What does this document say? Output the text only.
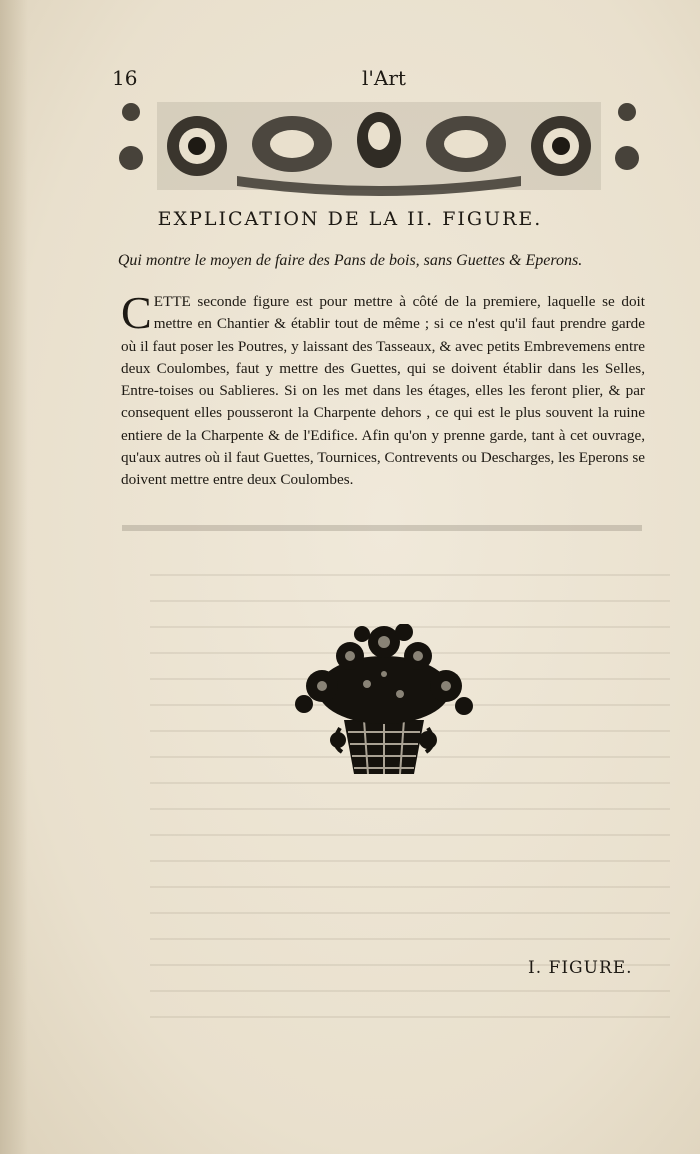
16	l'Art
EXPLICATION DE LA II. FIGURE.
Qui montre le moyen de faire des Pans de bois, sans Guettes & Eperons.
C ETTE seconde figure est pour mettre à côté de la premiere, laquelle se doit mettre en Chantier & établir tout de même ; si ce n'est qu'il faut prendre garde où il faut poser les Poutres, y laissant des Tasseaux, & avec petits Embrevemens entre deux Coulombes, faut y mettre des Guettes, qui se doivent établir dans les Selles, Entre-toises ou Sablieres. Si on les met dans les étages, elles les feront plier, & par consequent elles pousseront la Charpente dehors , ce qui est le plus souvent la ruine entiere de la Charpente & de l'Edifice. Afin qu'on y prenne garde, tant à cet ouvrage, qu'aux autres où il faut Guettes, Tournices, Contrevents ou Descharges, les Eperons se doivent mettre entre deux Coulombes.
I. FIGURE.
